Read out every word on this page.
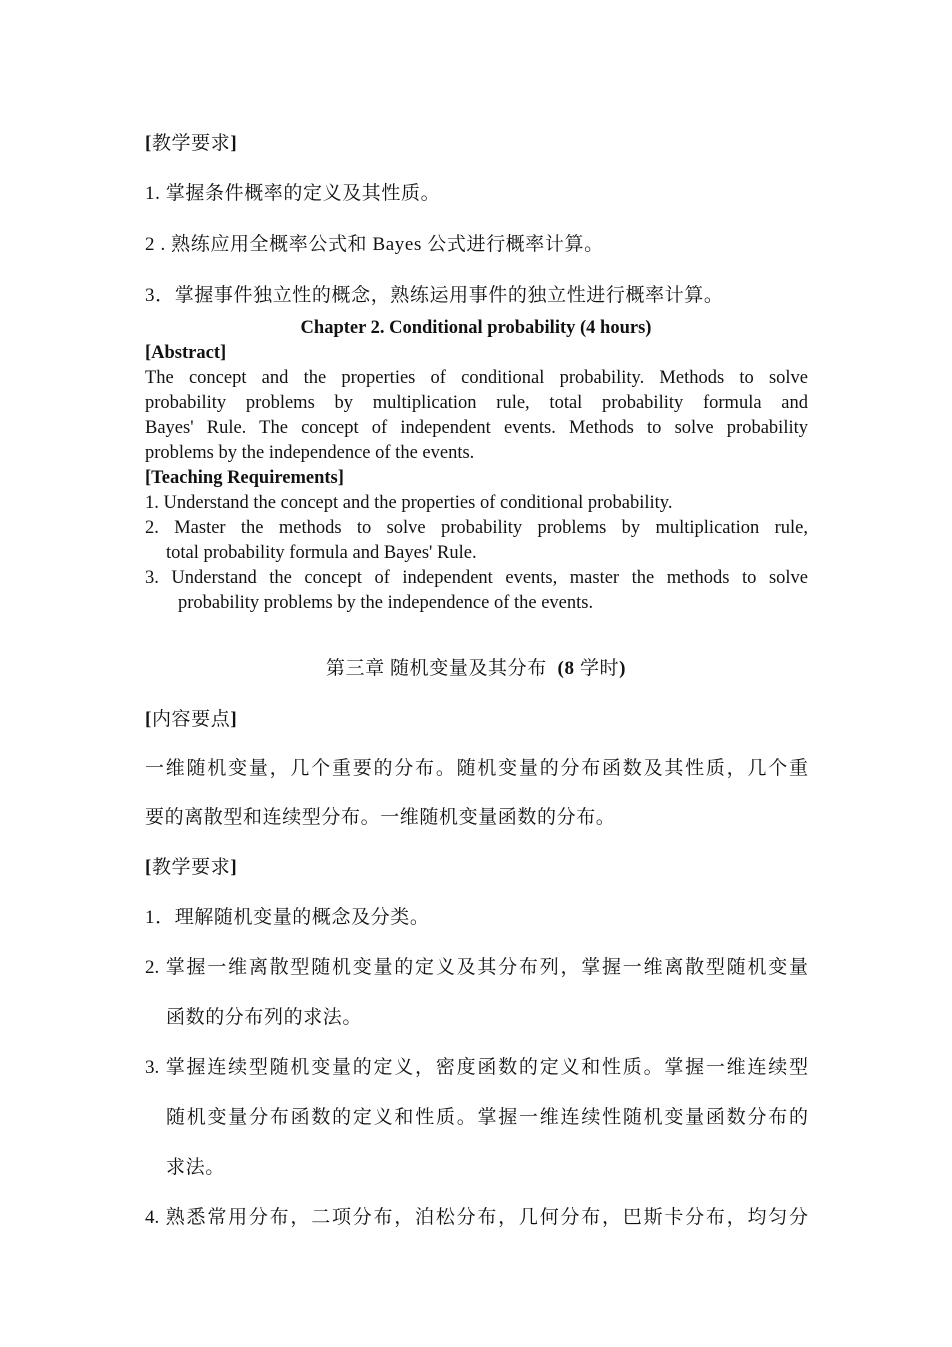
[教学要求]
1. 掌握条件概率的定义及其性质。
2 . 熟练应用全概率公式和 Bayes 公式进行概率计算。
3．掌握事件独立性的概念，熟练运用事件的独立性进行概率计算。
Chapter 2. Conditional probability (4 hours)
[Abstract]
The concept and the properties of conditional probability. Methods to solve
probability problems by multiplication rule, total probability formula and
Bayes' Rule. The concept of independent events. Methods to solve probability
problems by the independence of the events.
[Teaching Requirements]
1. Understand the concept and the properties of conditional probability.
2. Master the methods to solve probability problems by multiplication rule,
total probability formula and Bayes' Rule.
3. Understand the concept of independent events, master the methods to solve
probability problems by the independence of the events.
第三章 随机变量及其分布 (8 学时)
[内容要点]
一维随机变量，几个重要的分布。随机变量的分布函数及其性质，几个重
要的离散型和连续型分布。一维随机变量函数的分布。
[教学要求]
1．理解随机变量的概念及分类。
2. 掌握一维离散型随机变量的定义及其分布列，掌握一维离散型随机变量
函数的分布列的求法。
3. 掌握连续型随机变量的定义，密度函数的定义和性质。掌握一维连续型
随机变量分布函数的定义和性质。掌握一维连续性随机变量函数分布的
求法。
4. 熟悉常用分布，二项分布，泊松分布，几何分布，巴斯卡分布，均匀分
